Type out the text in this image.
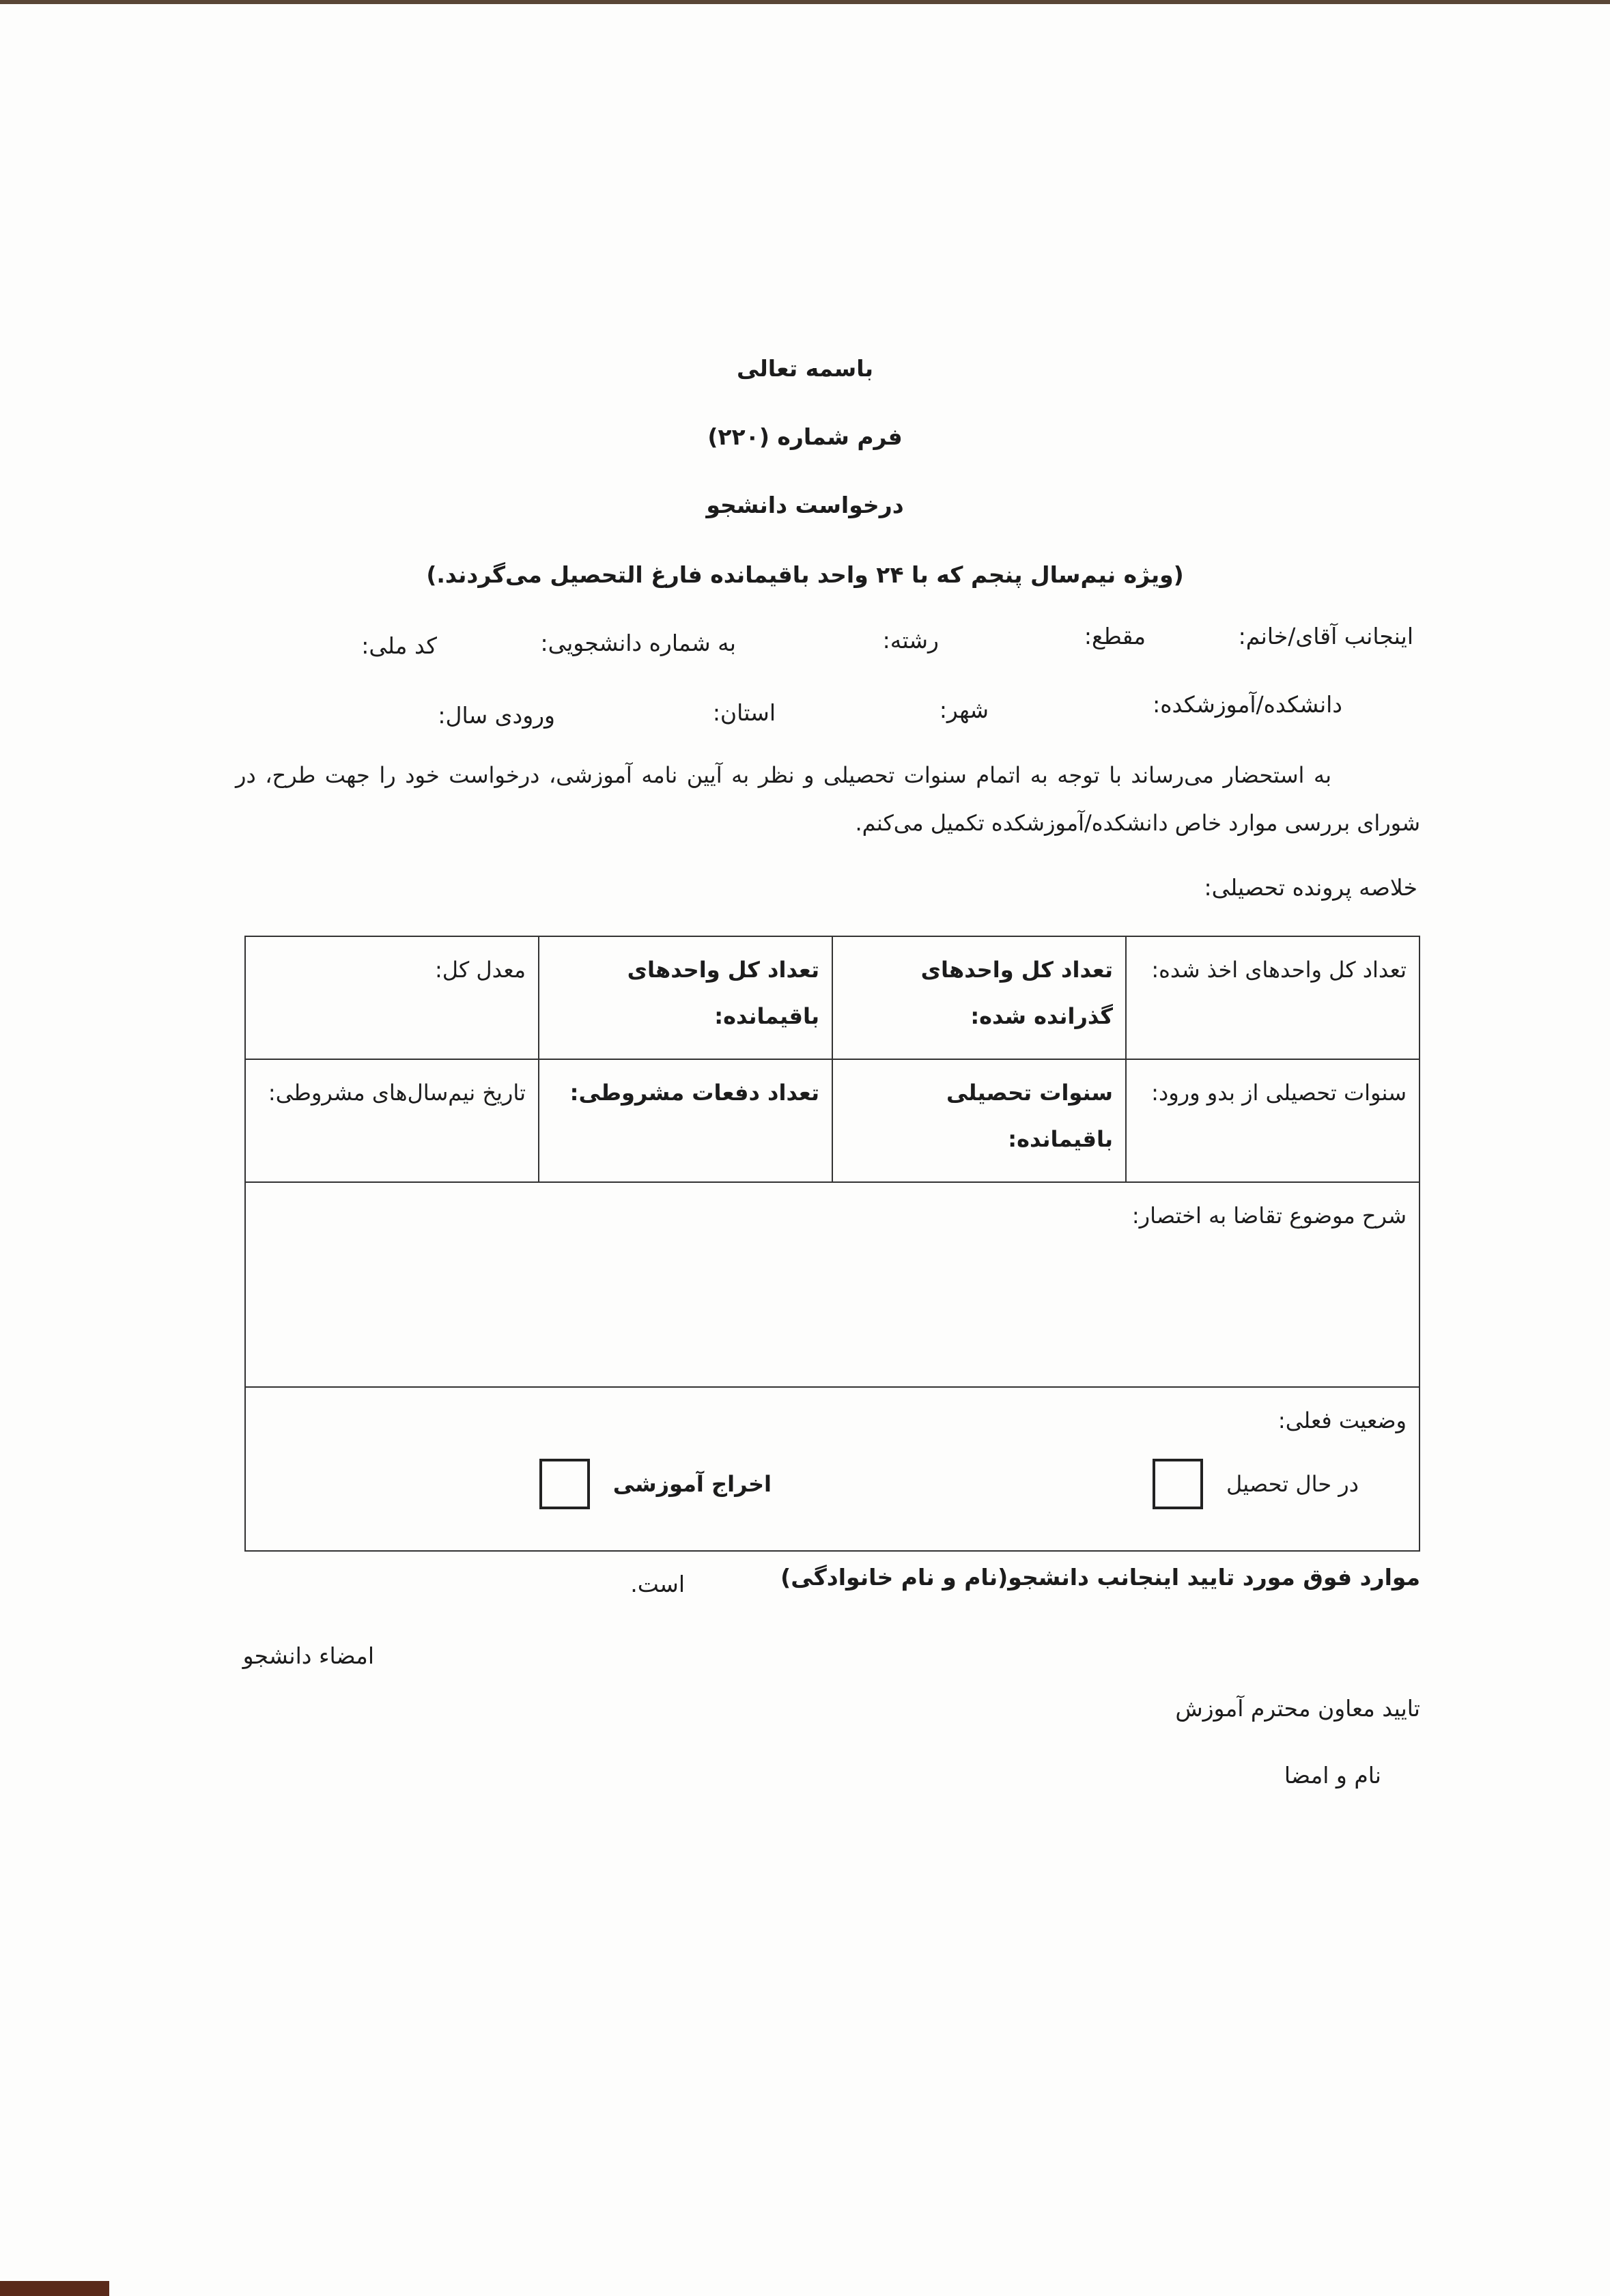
باسمه تعالی
فرم شماره (۲۲۰)
درخواست دانشجو
(ویژه نیم‌سال پنجم که با ۲۴ واحد باقیمانده فارغ التحصیل می‌گردند.)
اینجانب آقای/خانم:
مقطع:
رشته:
به شماره دانشجویی:
کد ملی:
دانشکده/آموزشکده:
شهر:
استان:
ورودی سال:
به استحضار می‌رساند با توجه به اتمام سنوات تحصیلی و نظر به آیین نامه آموزشی، درخواست خود را جهت طرح، در شورای بررسی موارد خاص دانشکده/آموزشکده تکمیل می‌کنم.
خلاصه پرونده تحصیلی:
تعداد کل واحدهای اخذ شده:	تعداد کل واحدهای گذرانده شده:	تعداد کل واحدهای باقیمانده:	معدل کل:
سنوات تحصیلی از بدو ورود:	سنوات تحصیلی باقیمانده:	تعداد دفعات مشروطی:	تاریخ نیم‌سال‌های مشروطی:
شرح موضوع تقاضا به اختصار:			

وضعیت فعلی:
در حال تحصیل
اخراج آموزشی			
موارد فوق مورد تایید اینجانب دانشجو(نام و نام خانوادگی)
است.
امضاء دانشجو
تایید معاون محترم آموزش
نام و امضا
